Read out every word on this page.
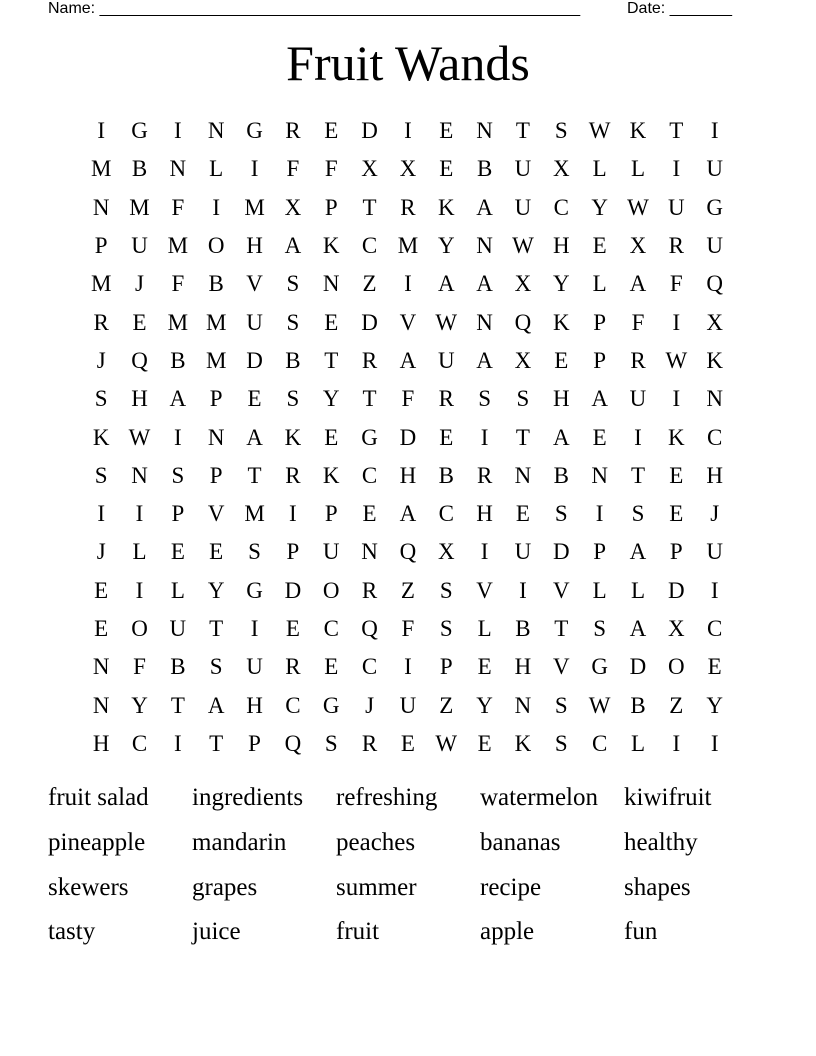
Name: ______________________________________________________	Date: _______
Fruit Wands
I	G	I	N G R	E	D	I	E	N	T	S W K	T	I
M B N	L	I	F	F	X X	E	B U X	L	L	I	U
N M F	I	M X	P	T	R K A U C Y W U G
P	U M O H A K C M Y N W H	E	X R U
M	J	F	B V	S	N	Z	I	A A X Y	L	A	F	Q
R	E M M U	S	E	D V W N Q K	P	F	I	X
J	Q B M D B	T	R A U A X	E	P	R W K
S	H A	P	E	S	Y	T	F	R	S	S	H A U	I	N
K W	I	N A K	E	G D	E	I	T	A	E	I	K C
S	N	S	P	T	R K C H B	R N B N	T	E	H
I	I	P	V M	I	P	E	A C H	E	S	I	S	E	J
J	L	E	E	S	P	U N Q X	I	U D	P	A	P	U
E	I	L	Y G D O R	Z	S	V	I	V	L	L	D	I
E	O U	T	I	E	C Q	F	S	L	B	T	S	A X C
N	F	B	S	U R	E	C	I	P	E	H V G D O	E
N Y	T	A H C G	J	U	Z	Y N	S W B	Z	Y
H C	I	T	P	Q	S	R	E W E	K	S	C	L	I	I
fruit salad	ingredients	refreshing	watermelon	kiwifruit
pineapple	mandarin	peaches	bananas	healthy
skewers	grapes	summer	recipe	shapes
tasty	juice	fruit	apple	fun
